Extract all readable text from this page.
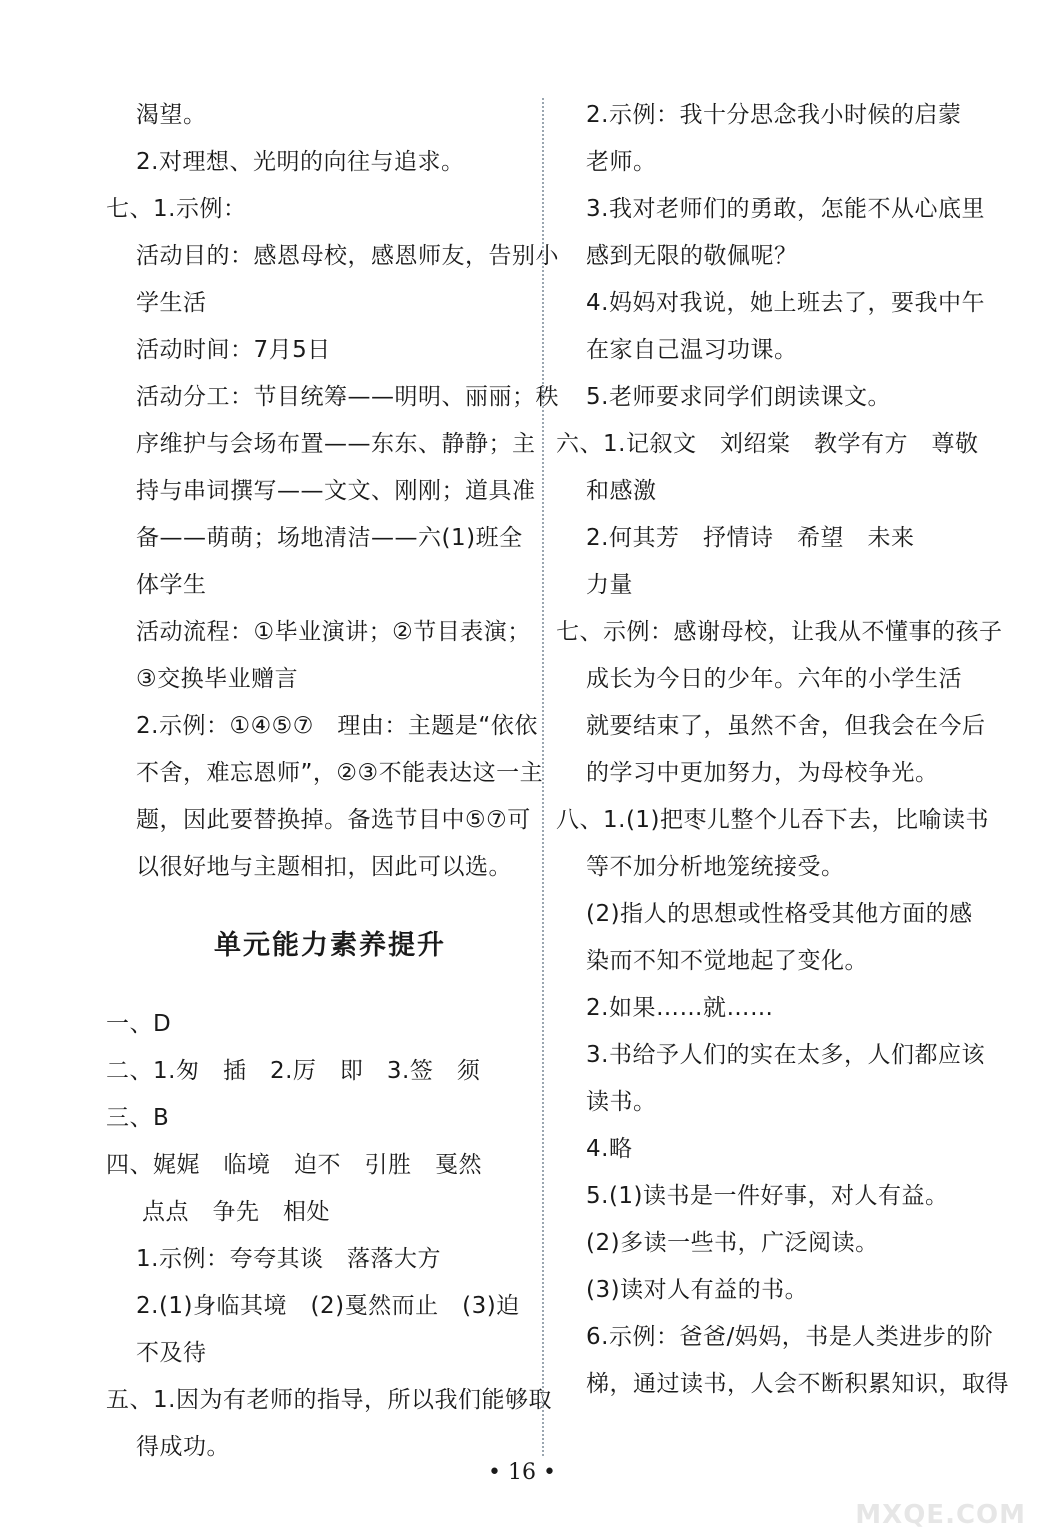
渴望。
2.对理想、光明的向往与追求。
七、1.示例：
活动目的：感恩母校，感恩师友，告别小
学生活
活动时间：7月5日
活动分工：节目统筹——明明、丽丽；秩
序维护与会场布置——东东、静静；主
持与串词撰写——文文、刚刚；道具准
备——萌萌；场地清洁——六(1)班全
体学生
活动流程：①毕业演讲；②节目表演；
③交换毕业赠言
2.示例：①④⑤⑦　理由：主题是“依依
不舍，难忘恩师”，②③不能表达这一主
题，因此要替换掉。备选节目中⑤⑦可
以很好地与主题相扣，因此可以选。
单元能力素养提升
一、D
二、1.匆　插　2.厉　即　3.签　须
三、B
四、娓娓　临境　迫不　引胜　戛然
点点　争先　相处
1.示例：夸夸其谈　落落大方
2.(1)身临其境　(2)戛然而止　(3)迫
不及待
五、1.因为有老师的指导，所以我们能够取
得成功。
2.示例：我十分思念我小时候的启蒙
老师。
3.我对老师们的勇敢，怎能不从心底里
感到无限的敬佩呢？
4.妈妈对我说，她上班去了，要我中午
在家自己温习功课。
5.老师要求同学们朗读课文。
六、1.记叙文　刘绍棠　教学有方　尊敬
和感激
2.何其芳　抒情诗　希望　未来
力量
七、示例：感谢母校，让我从不懂事的孩子
成长为今日的少年。六年的小学生活
就要结束了，虽然不舍，但我会在今后
的学习中更加努力，为母校争光。
八、1.(1)把枣儿整个儿吞下去，比喻读书
等不加分析地笼统接受。
(2)指人的思想或性格受其他方面的感
染而不知不觉地起了变化。
2.如果……就……
3.书给予人们的实在太多，人们都应该
读书。
4.略
5.(1)读书是一件好事，对人有益。
(2)多读一些书，广泛阅读。
(3)读对人有益的书。
6.示例：爸爸/妈妈，书是人类进步的阶
梯，通过读书，人会不断积累知识，取得
• 16 •
MXQE.COM
